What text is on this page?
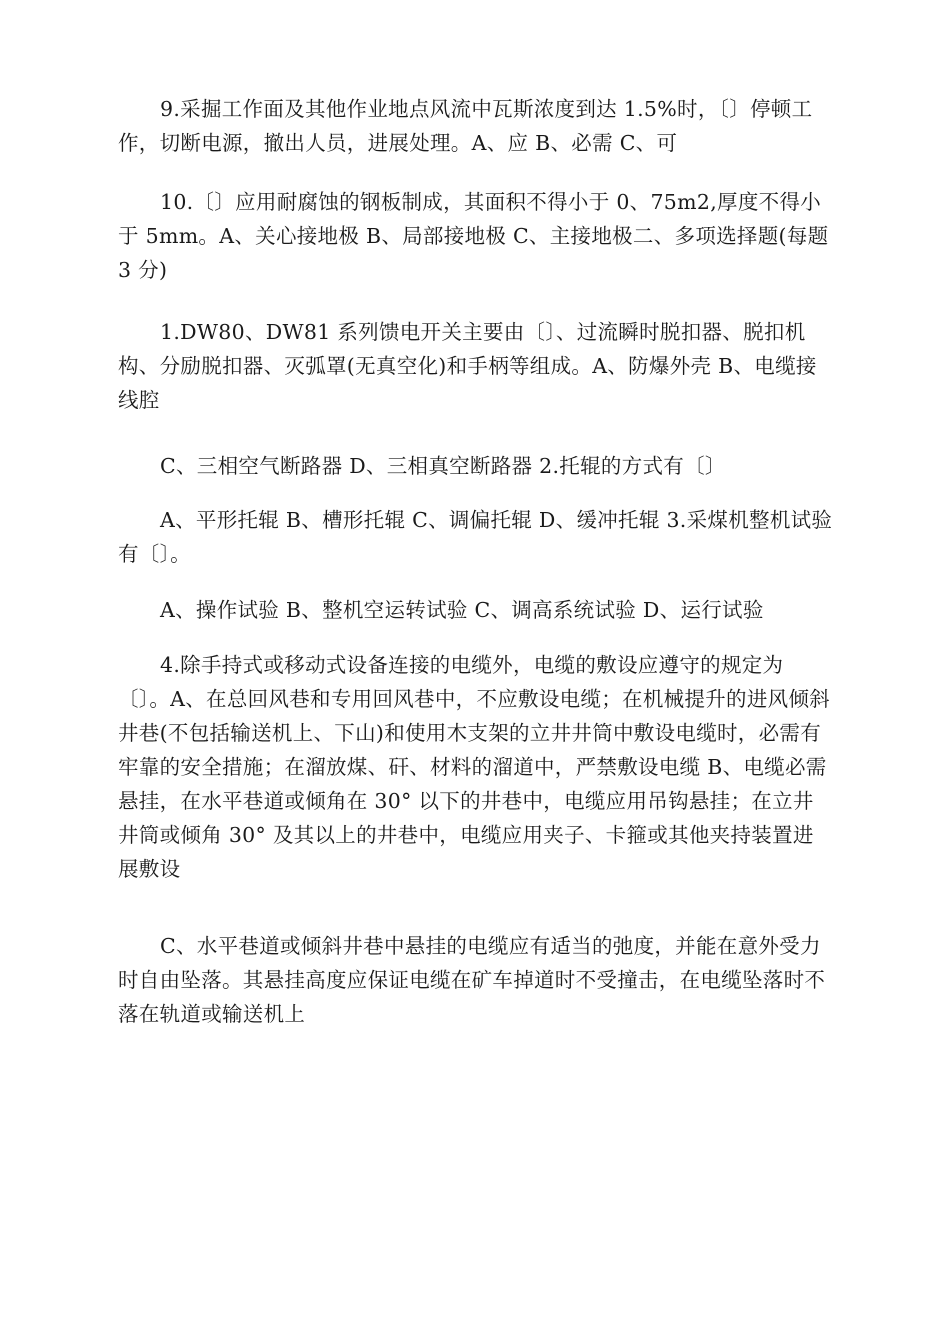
9.采掘工作面及其他作业地点风流中瓦斯浓度到达 1.5%时，〔〕停顿工作，切断电源，撤出人员，进展处理。A、应 B、必需 C、可

10.〔〕应用耐腐蚀的钢板制成，其面积不得小于 0、75m2,厚度不得小于 5mm。A、关心接地极 B、局部接地极 C、主接地极二、多项选择题(每题 3 分)

1.DW80、DW81 系列馈电开关主要由〔〕、过流瞬时脱扣器、脱扣机构、分励脱扣器、灭弧罩(无真空化)和手柄等组成。A、防爆外壳 B、电缆接线腔

C、三相空气断路器 D、三相真空断路器 2.托辊的方式有〔〕

A、平形托辊 B、槽形托辊 C、调偏托辊 D、缓冲托辊 3.采煤机整机试验有〔〕。

A、操作试验 B、整机空运转试验 C、调高系统试验 D、运行试验

4.除手持式或移动式设备连接的电缆外，电缆的敷设应遵守的规定为〔〕。A、在总回风巷和专用回风巷中，不应敷设电缆；在机械提升的进风倾斜井巷(不包括输送机上、下山)和使用木支架的立井井筒中敷设电缆时，必需有牢靠的安全措施；在溜放煤、矸、材料的溜道中，严禁敷设电缆 B、电缆必需悬挂，在水平巷道或倾角在 30° 以下的井巷中，电缆应用吊钩悬挂；在立井井筒或倾角 30° 及其以上的井巷中，电缆应用夹子、卡箍或其他夹持装置进展敷设

C、水平巷道或倾斜井巷中悬挂的电缆应有适当的弛度，并能在意外受力时自由坠落。其悬挂高度应保证电缆在矿车掉道时不受撞击，在电缆坠落时不落在轨道或输送机上
